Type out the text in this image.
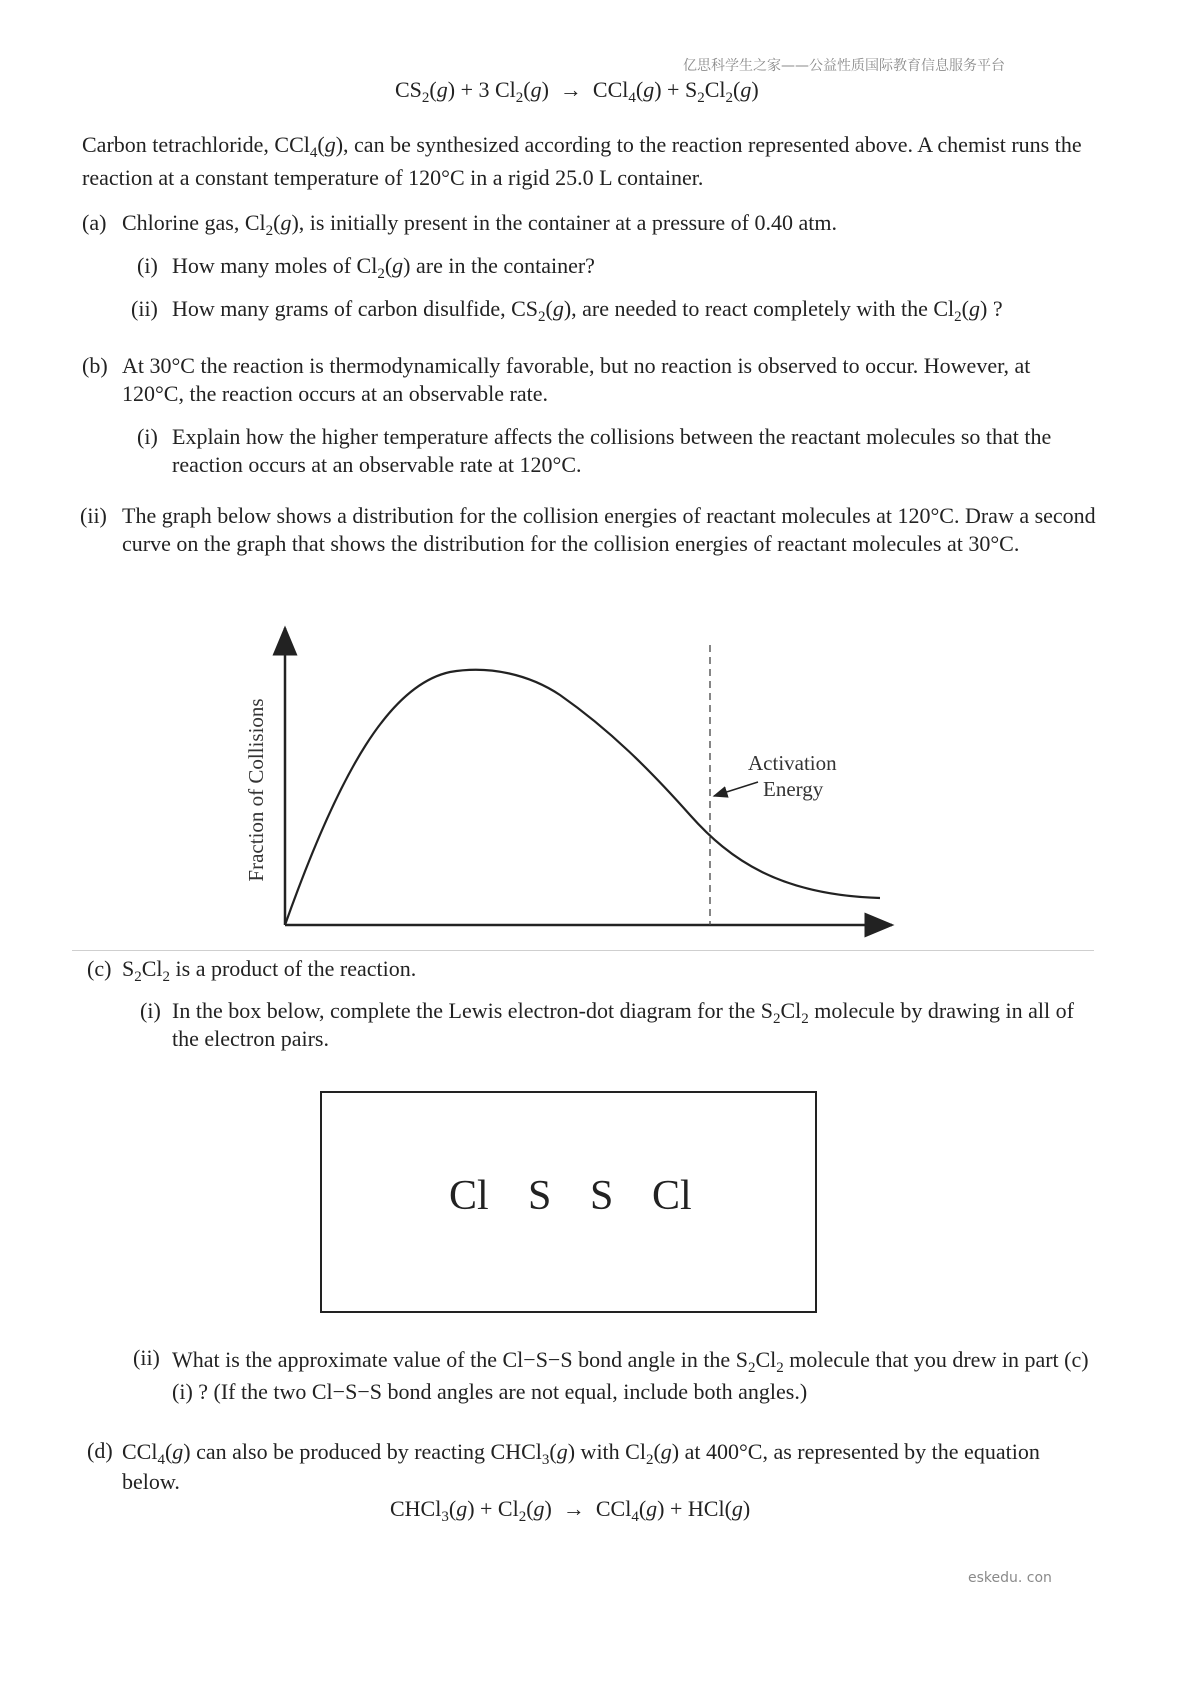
亿思科学生之家——公益性质国际教育信息服务平台
$CS_2(g) + 3$ $Cl_2(g) \to CCl_4(g) + S_2Cl_2(g)$
Carbon tetrachloride, CCl$_4$(g), can be synthesized according to the reaction represented above. A chemist runs the reaction at a constant temperature of 120°C in a rigid 25.0 L container.
(a) Chlorine gas, $Cl_2(g)$, is initially present in the container at a pressure of 0.40 atm.
(i) How many moles of $Cl_2(g)$ are in the container?
(ii) How many grams of carbon disulfide, $CS_2(g)$, are needed to react completely with the $Cl_2(g)$ ?
(b) At 30°C the reaction is thermodynamically favorable, but no reaction is observed to occur. However, at 120°C, the reaction occurs at an observable rate.
(i) Explain how the higher temperature affects the collisions between the reactant molecules so that the reaction occurs at an observable rate at 120°C.
(ii) The graph below shows a distribution for the collision energies of reactant molecules at 120°C. Draw a second curve on the graph that shows the distribution for the collision energies of reactant molecules at 30°C.
Activation
Energy
Fraction of Collisions
(c) $S_2Cl_2$ is a product of the reaction.
(i) In the box below, complete the Lewis electron-dot diagram for the $S_2Cl_2$ molecule by drawing in all of the electron pairs.
Cl S S Cl
(ii) What is the approximate value of the Cl−S−S bond angle in the $S_2Cl_2$ molecule that you drew in part (c)(i) ? (If the two Cl−S−S bond angles are not equal, include both angles.)
(d) CCl$_4$(g) can also be produced by reacting CHCl$_3$(g) with $Cl_2(g)$ at 400°C, as represented by the equation below.
CHCl$_3$(g) + $Cl_2(g) \to CCl_4(g) + HCl(g)$
eskedu. con
